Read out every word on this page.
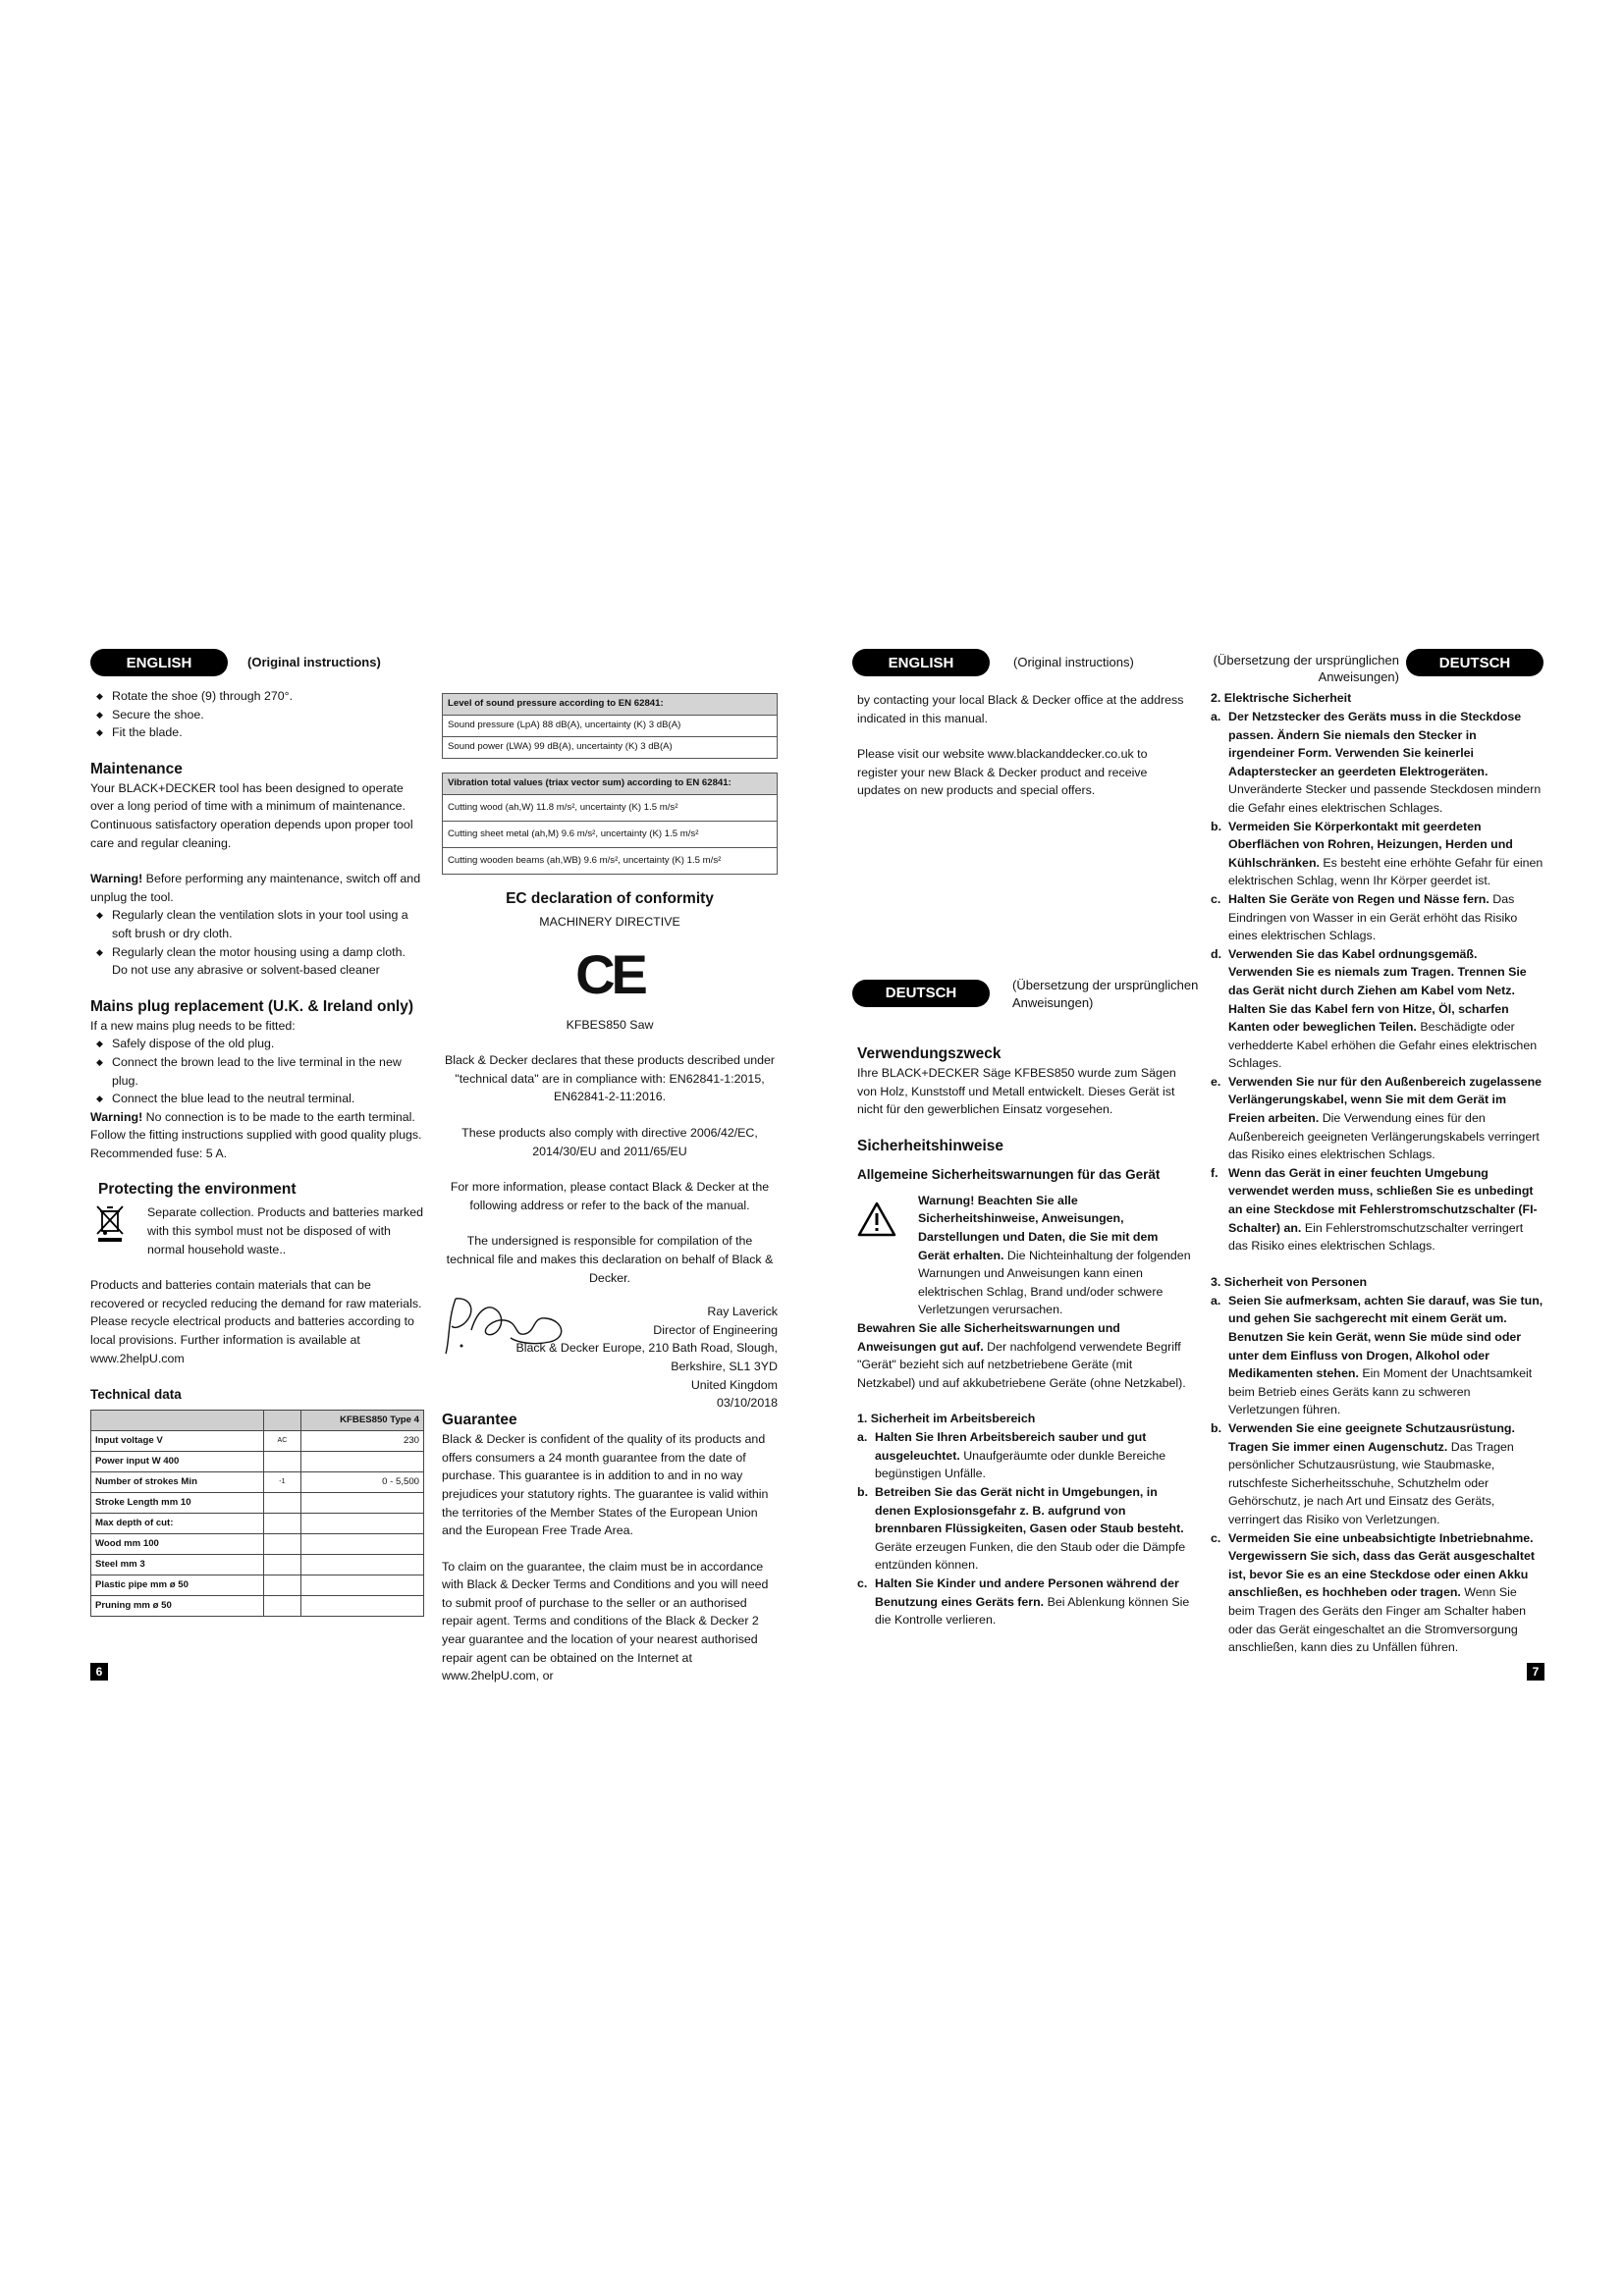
ENGLISH	(Original instructions)
◆ Rotate the shoe (9) through 270°.
◆ Secure the shoe.
◆ Fit the blade.

Maintenance

Your BLACK+DECKER tool has been designed to operate over a long period of time with a minimum of maintenance. Continuous satisfactory operation depends upon proper tool care and regular cleaning.

Warning! Before performing any maintenance, switch off and unplug the tool.

◆ Regularly clean the ventilation slots in your tool using a soft brush or dry cloth.
◆ Regularly clean the motor housing using a damp cloth. Do not use any abrasive or solvent-based cleaner

Mains plug replacement (U.K. & Ireland only)

If a new mains plug needs to be fitted:

◆ Safely dispose of the old plug.
◆ Connect the brown lead to the live terminal in the new plug.
◆ Connect the blue lead to the neutral terminal.

Warning! No connection is to be made to the earth terminal. Follow the fitting instructions supplied with good quality plugs. Recommended fuse: 5 A.

Protecting the environment

Separate collection. Products and batteries marked with this symbol must not be disposed of with normal household waste..

Products and batteries contain materials that can be recovered or recycled reducing the demand for raw materials. Please recycle electrical products and batteries according to local provisions. Further information is available at www.2helpU.com

Technical data

		KFBES850 Type 4
Input voltage V	AC	230
Power input W 400		
Number of strokes Min	-1	0 - 5,500
Stroke Length mm 10		
Max depth of cut:		
Wood mm 100		
Steel mm 3		
Plastic pipe mm ø 50		
Pruning mm ø 50		
Level of sound pressure according to EN 62841:
Sound pressure (LpA) 88 dB(A), uncertainty (K) 3 dB(A)
Sound power (LWA) 99 dB(A), uncertainty (K) 3 dB(A)
Vibration total values (triax vector sum) according to EN 62841:
Cutting wood (ah,W) 11.8 m/s², uncertainty (K) 1.5 m/s²
Cutting sheet metal (ah,M) 9.6 m/s², uncertainty (K) 1.5 m/s²
Cutting wooden beams (ah,WB) 9.6 m/s², uncertainty (K) 1.5 m/s²

EC declaration of conformity

MACHINERY DIRECTIVE

CE

KFBES850 Saw

Black & Decker declares that these products described under "technical data" are in compliance with: EN62841-1:2015, EN62841-2-11:2016.

These products also comply with directive 2006/42/EC, 2014/30/EU and 2011/65/EU

For more information, please contact Black & Decker at the following address or refer to the back of the manual.

The undersigned is responsible for compilation of the technical file and makes this declaration on behalf of Black & Decker.

Ray Laverick

Director of Engineering

Black & Decker Europe, 210 Bath Road, Slough,

Berkshire, SL1 3YD

United Kingdom

03/10/2018

Guarantee

Black & Decker is confident of the quality of its products and offers consumers a 24 month guarantee from the date of purchase. This guarantee is in addition to and in no way prejudices your statutory rights. The guarantee is valid within the territories of the Member States of the European Union and the European Free Trade Area.

To claim on the guarantee, the claim must be in accordance with Black & Decker Terms and Conditions and you will need to submit proof of purchase to the seller or an authorised repair agent. Terms and conditions of the Black & Decker 2 year guarantee and the location of your nearest authorised repair agent can be obtained on the Internet at www.2helpU.com, or

6
ENGLISH	(Original instructions)	(Übersetzung der ursprünglichen Anweisungen)
DEUTSCH

by contacting your local Black & Decker office at the address indicated in this manual.

Please visit our website www.blackanddecker.co.uk to register your new Black & Decker product and receive updates on new products and special offers.

DEUTSCH	(Übersetzung der ursprünglichen Anweisungen)

Verwendungszweck

Ihre BLACK+DECKER Säge KFBES850 wurde zum Sägen von Holz, Kunststoff und Metall entwickelt. Dieses Gerät ist nicht für den gewerblichen Einsatz vorgesehen.

Sicherheitshinweise

Allgemeine Sicherheitswarnungen für das Gerät

Warnung! Beachten Sie alle Sicherheitshinweise, Anweisungen, Darstellungen und Daten, die Sie mit dem Gerät erhalten. Die Nichteinhaltung der folgenden Warnungen und Anweisungen kann einen elektrischen Schlag, Brand und/oder schwere Verletzungen verursachen.

Bewahren Sie alle Sicherheitswarnungen und Anweisungen gut auf. Der nachfolgend verwendete Begriff "Gerät" bezieht sich auf netzbetriebene Geräte (mit Netzkabel) und auf akkubetriebene Geräte (ohne Netzkabel).

1. Sicherheit im Arbeitsbereich

a. Halten Sie Ihren Arbeitsbereich sauber und gut ausgeleuchtet. Unaufgeräumte oder dunkle Bereiche begünstigen Unfälle.
b. Betreiben Sie das Gerät nicht in Umgebungen, in denen Explosionsgefahr z. B. aufgrund von brennbaren Flüssigkeiten, Gasen oder Staub besteht. Geräte erzeugen Funken, die den Staub oder die Dämpfe entzünden können.
c. Halten Sie Kinder und andere Personen während der Benutzung eines Geräts fern. Bei Ablenkung können Sie die Kontrolle verlieren.

2. Elektrische Sicherheit

a. Der Netzstecker des Geräts muss in die Steckdose passen. Ändern Sie niemals den Stecker in irgendeiner Form. Verwenden Sie keinerlei Adapterstecker an geerdeten Elektrogeräten. Unveränderte Stecker und passende Steckdosen mindern die Gefahr eines elektrischen Schlages.
b. Vermeiden Sie Körperkontakt mit geerdeten Oberflächen von Rohren, Heizungen, Herden und Kühlschränken. Es besteht eine erhöhte Gefahr für einen elektrischen Schlag, wenn Ihr Körper geerdet ist.
c. Halten Sie Geräte von Regen und Nässe fern. Das Eindringen von Wasser in ein Gerät erhöht das Risiko eines elektrischen Schlags.
d. Verwenden Sie das Kabel ordnungsgemäß. Verwenden Sie es niemals zum Tragen. Trennen Sie das Gerät nicht durch Ziehen am Kabel vom Netz. Halten Sie das Kabel fern von Hitze, Öl, scharfen Kanten oder beweglichen Teilen. Beschädigte oder verhedderte Kabel erhöhen die Gefahr eines elektrischen Schlages.
e. Verwenden Sie nur für den Außenbereich zugelassene Verlängerungskabel, wenn Sie mit dem Gerät im Freien arbeiten. Die Verwendung eines für den Außenbereich geeigneten Verlängerungskabels verringert das Risiko eines elektrischen Schlags.
f. Wenn das Gerät in einer feuchten Umgebung verwendet werden muss, schließen Sie es unbedingt an eine Steckdose mit Fehlerstromschutzschalter (FI-Schalter) an. Ein Fehlerstromschutzschalter verringert das Risiko eines elektrischen Schlags.

3. Sicherheit von Personen

a. Seien Sie aufmerksam, achten Sie darauf, was Sie tun, und gehen Sie sachgerecht mit einem Gerät um. Benutzen Sie kein Gerät, wenn Sie müde sind oder unter dem Einfluss von Drogen, Alkohol oder Medikamenten stehen. Ein Moment der Unachtsamkeit beim Betrieb eines Geräts kann zu schweren Verletzungen führen.
b. Verwenden Sie eine geeignete Schutzausrüstung. Tragen Sie immer einen Augenschutz. Das Tragen persönlicher Schutzausrüstung, wie Staubmaske, rutschfeste Sicherheitsschuhe, Schutzhelm oder Gehörschutz, je nach Art und Einsatz des Geräts, verringert das Risiko von Verletzungen.
c. Vermeiden Sie eine unbeabsichtigte Inbetriebnahme. Vergewissern Sie sich, dass das Gerät ausgeschaltet ist, bevor Sie es an eine Steckdose oder einen Akku anschließen, es hochheben oder tragen. Wenn Sie beim Tragen des Geräts den Finger am Schalter haben oder das Gerät eingeschaltet an die Stromversorgung anschließen, kann dies zu Unfällen führen.
7
